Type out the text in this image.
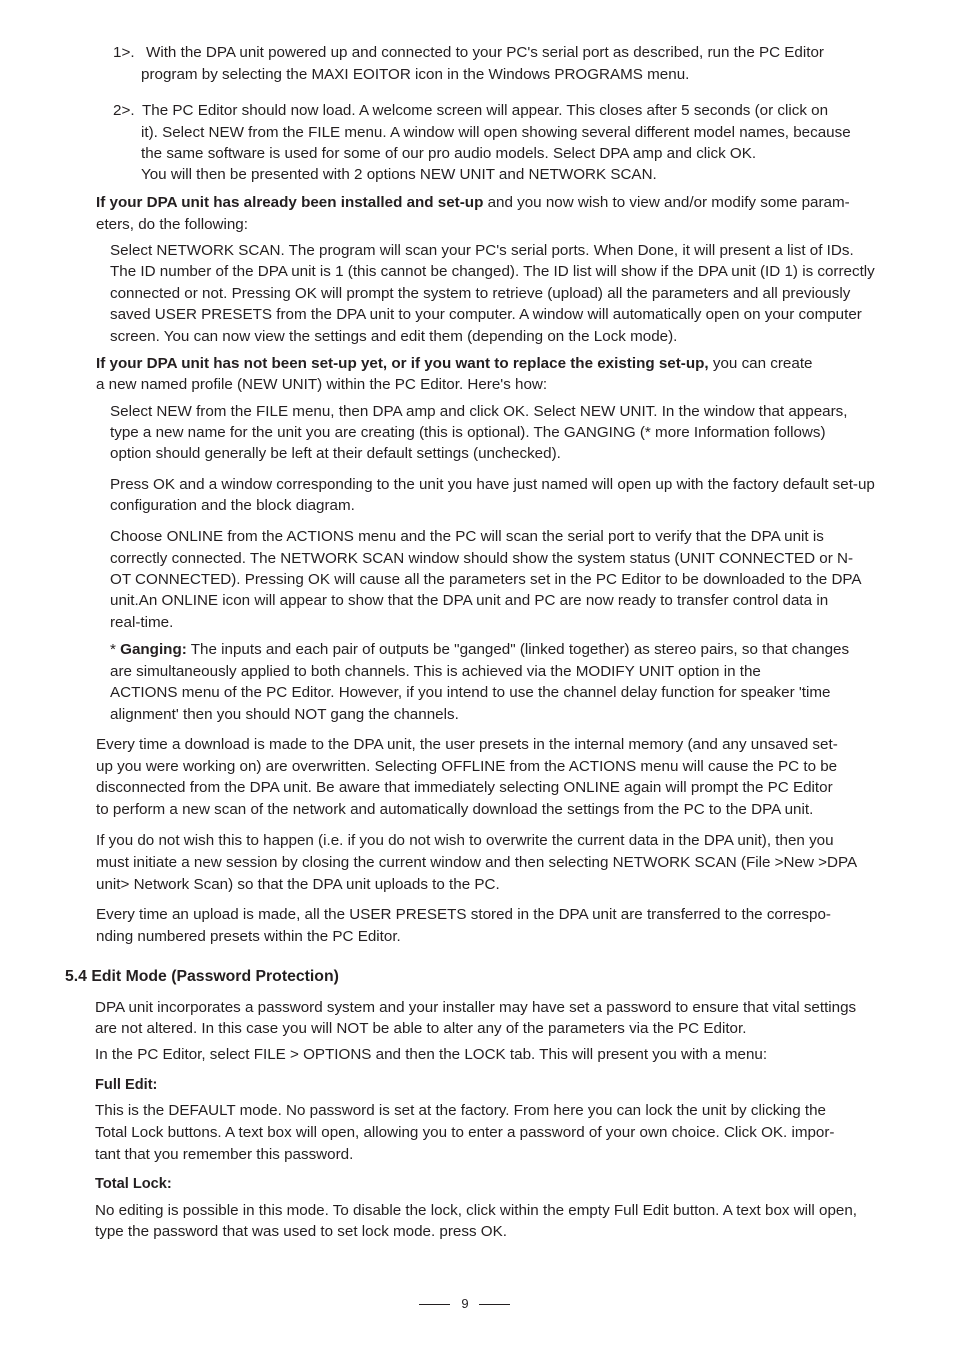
1>. With the DPA unit powered up and connected to your PC's serial port as described, run the PC Editor

program by selecting the MAXI EOITOR icon in the Windows PROGRAMS menu.

2>. The PC Editor should now load. A welcome screen will appear. This closes after 5 seconds (or click on

it). Select NEW from the FILE menu. A window will open showing several different model names, because

the same software is used for some of our pro audio models. Select DPA amp and click OK.

You will then be presented with 2 options NEW UNIT and NETWORK SCAN.

If your DPA unit has already been installed and set-up and you now wish to view and/or modify some param-

eters, do the following:

Select NETWORK SCAN. The program will scan your PC's serial ports. When Done, it will present a list of IDs.

The ID number of the DPA unit is 1 (this cannot be changed). The ID list will show if the DPA unit (ID 1) is correctly

connected or not. Pressing OK will prompt the system to retrieve (upload) all the parameters and all previously

saved USER PRESETS from the DPA unit to your computer. A window will automatically open on your computer

screen. You can now view the settings and edit them (depending on the Lock mode).

If your DPA unit has not been set-up yet, or if you want to replace the existing set-up, you can create

a new named profile (NEW UNIT) within the PC Editor. Here's how:

Select NEW from the FILE menu, then DPA amp and click OK. Select NEW UNIT. In the window that appears,

type a new name for the unit you are creating (this is optional). The GANGING (* more Information follows)

option should generally be left at their default settings (unchecked).

Press OK and a window corresponding to the unit you have just named will open up with the factory default set-up

configuration and the block diagram.

Choose ONLINE from the ACTIONS menu and the PC will scan the serial port to verify that the DPA unit is

correctly connected. The NETWORK SCAN window should show the system status (UNIT CONNECTED or N-

OT CONNECTED). Pressing OK will cause all the parameters set in the PC Editor to be downloaded to the DPA

unit.An ONLINE icon will appear to show that the DPA unit and PC are now ready to transfer control data in

real-time.

* Ganging: The inputs and each pair of outputs be "ganged" (linked together) as stereo pairs, so that changes

are simultaneously applied to both channels. This is achieved via the MODIFY UNIT option in the

ACTIONS menu of the PC Editor. However, if you intend to use the channel delay function for speaker 'time

alignment' then you should NOT gang the channels.

Every time a download is made to the DPA unit, the user presets in the internal memory (and any unsaved set-

up you were working on) are overwritten. Selecting OFFLINE from the ACTIONS menu will cause the PC to be

disconnected from the DPA unit. Be aware that immediately selecting ONLINE again will prompt the PC Editor

to perform a new scan of the network and automatically download the settings from the PC to the DPA unit.

If you do not wish this to happen (i.e. if you do not wish to overwrite the current data in the DPA unit), then you

must initiate a new session by closing the current window and then selecting NETWORK SCAN (File >New >DPA

unit> Network Scan) so that the DPA unit uploads to the PC.

Every time an upload is made, all the USER PRESETS stored in the DPA unit are transferred to the correspo-

nding numbered presets within the PC Editor.

5.4 Edit Mode (Password Protection)

DPA unit incorporates a password system and your installer may have set a password to ensure that vital settings

are not altered. In this case you will NOT be able to alter any of the parameters via the PC Editor.

In the PC Editor, select FILE > OPTIONS and then the LOCK tab. This will present you with a menu:

Full Edit:

This is the DEFAULT mode. No password is set at the factory. From here you can lock the unit by clicking the

Total Lock buttons. A text box will open, allowing you to enter a password of your own choice. Click OK. impor-

tant that you remember this password.

Total Lock:

No editing is possible in this mode. To disable the lock, click within the empty Full Edit button. A text box will open,

type the password that was used to set lock mode. press OK.

9
